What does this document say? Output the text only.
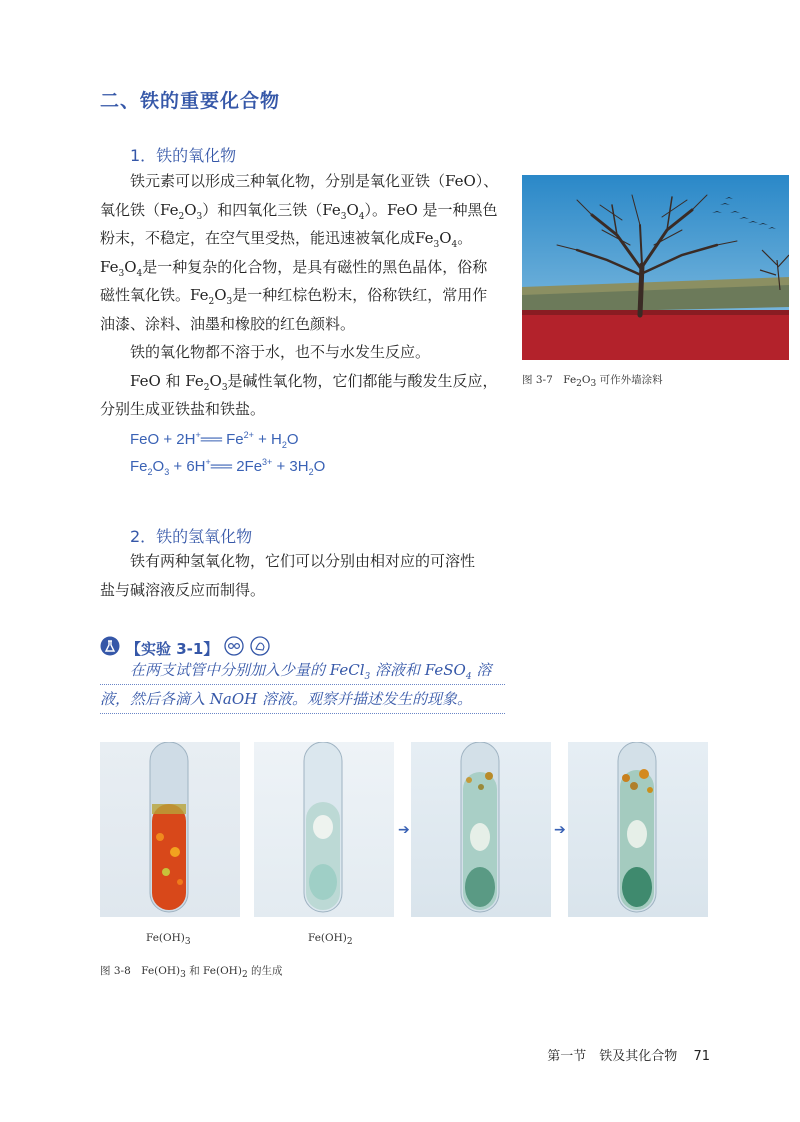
二、铁的重要化合物
1．铁的氧化物

铁元素可以形成三种氧化物，分别是氧化亚铁（FeO）、

氧化铁$(Fe_2O_3)$和四氧化三铁$(Fe_3O_4)$。FeO 是一种黑色

粉末，不稳定，在空气里受热，能迅速被氧化成$Fe_3O_4$。

$Fe_3O_4$是一种复杂的化合物，是具有磁性的黑色晶体，俗称

磁性氧化铁。$Fe_2O_3$是一种红棕色粉末，俗称铁红，常用作

油漆、涂料、油墨和橡胶的红色颜料。

铁的氧化物都不溶于水，也不与水发生反应。

FeO 和 $Fe_2O_3$是碱性氧化物，它们都能与酸发生反应，

分别生成亚铁盐和铁盐。

图 3-7　$Fe_2O_3$ 可作外墙涂料
FeO + 2H+══ $Fe^{2+} + H_2O$
$Fe_2O_3$ + 6H+══ $2Fe^{3+} + 3H_2O$
2．铁的氢氧化物

铁有两种氢氧化物，它们可以分别由相对应的可溶性

盐与碱溶液反应而制得。

【实验 3-1】
在两支试管中分别加入少量的 FeCl$_3$ 溶液和 FeSO$_4$ 溶
液，然后各滴入 NaOH 溶液。观察并描述发生的现象。
➔	➔
$Fe(OH)_3$	$Fe(OH)_2$
图 3-8　$Fe(OH)_3$ 和 $Fe(OH)_2$ 的生成
第一节　铁及其化合物 71
